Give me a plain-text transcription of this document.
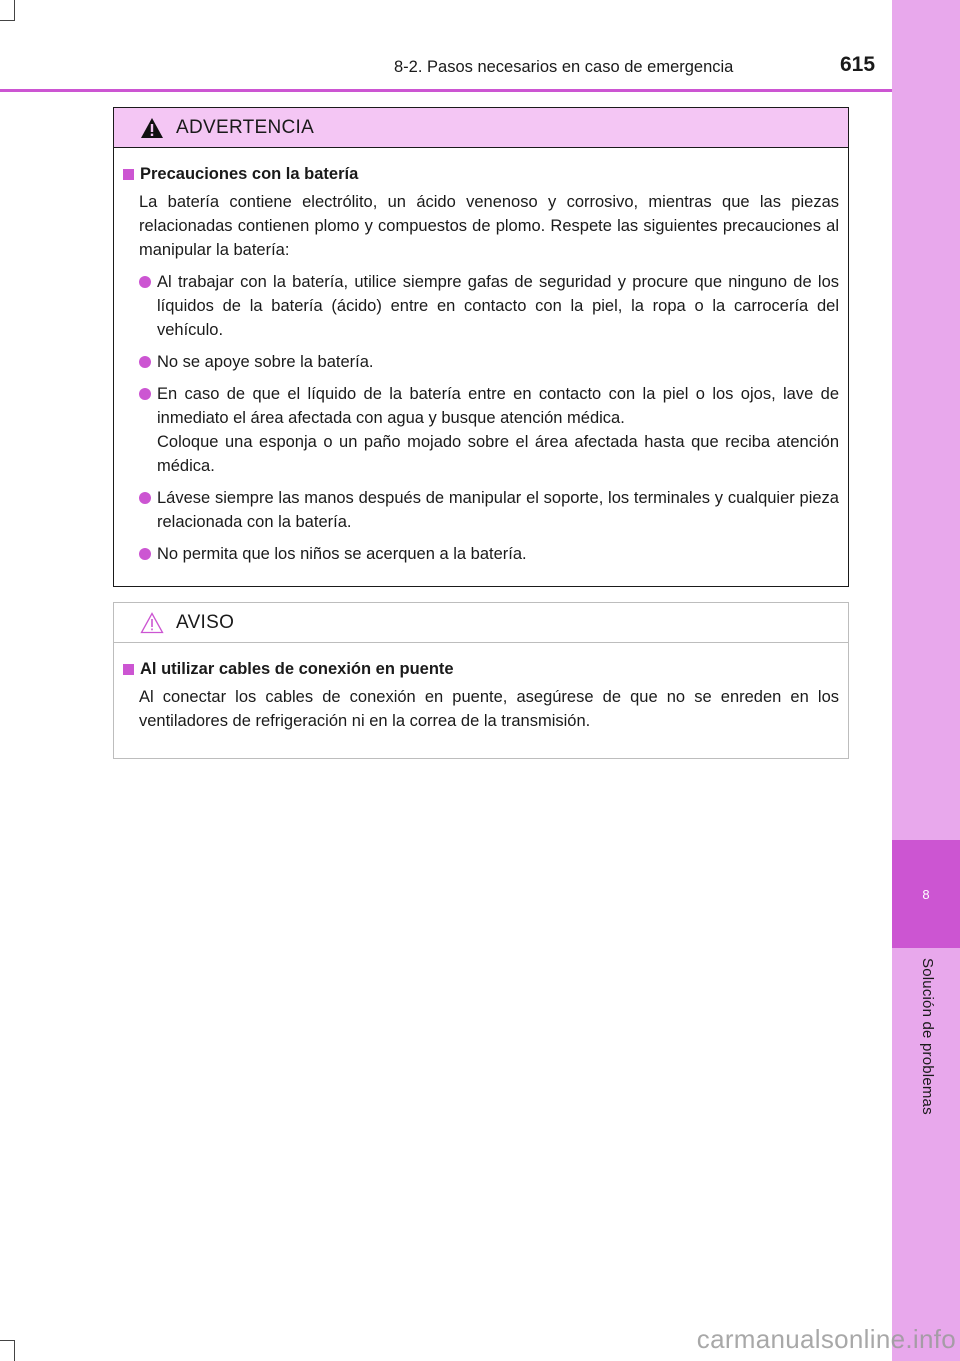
8
Solución de problemas
8-2. Pasos necesarios en caso de emergencia	615
ADVERTENCIA
Precauciones con la batería
La batería contiene electrólito, un ácido venenoso y corrosivo, mientras que las piezas relacionadas contienen plomo y compuestos de plomo. Respete las siguientes precauciones al manipular la batería:
Al trabajar con la batería, utilice siempre gafas de seguridad y procure que ninguno de los líquidos de la batería (ácido) entre en contacto con la piel, la ropa o la carrocería del vehículo.
No se apoye sobre la batería.
En caso de que el líquido de la batería entre en contacto con la piel o los ojos, lave de inmediato el área afectada con agua y busque atención médica.
Coloque una esponja o un paño mojado sobre el área afectada hasta que reciba atención médica.
Lávese siempre las manos después de manipular el soporte, los terminales y cualquier pieza relacionada con la batería.
No permita que los niños se acerquen a la batería.
AVISO
Al utilizar cables de conexión en puente
Al conectar los cables de conexión en puente, asegúrese de que no se enreden en los ventiladores de refrigeración ni en la correa de la transmisión.
carmanualsonline.info
